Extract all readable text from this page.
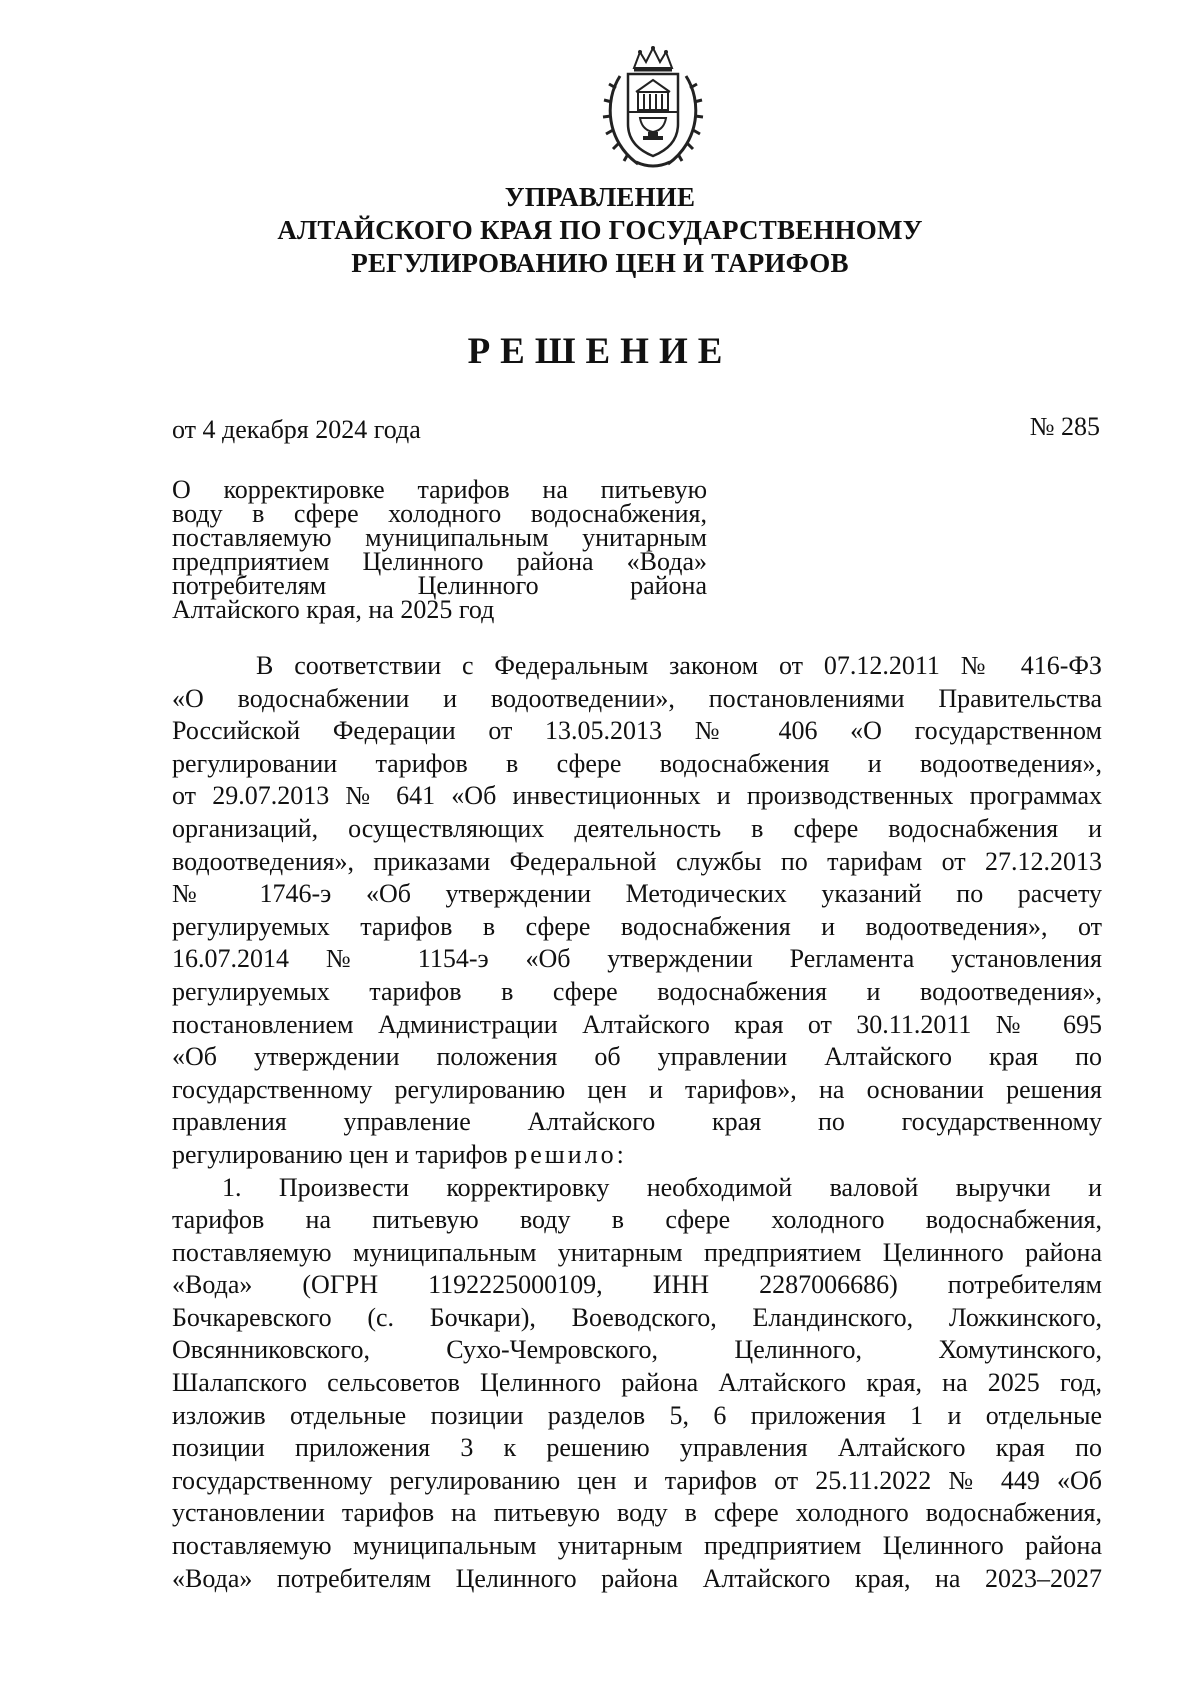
УПРАВЛЕНИЕ
АЛТАЙСКОГО КРАЯ ПО ГОСУДАРСТВЕННОМУ
РЕГУЛИРОВАНИЮ ЦЕН И ТАРИФОВ
РЕШЕНИЕ
от 4 декабря 2024 года	№ 285
О корректировке тарифов на питьевую
воду в сфере холодного водоснабжения,
поставляемую муниципальным унитарным
предприятием Целинного района «Вода»
потребителям Целинного района
Алтайского края, на 2025 год
В соответствии с Федеральным законом от 07.12.2011 № 416-ФЗ
«О водоснабжении и водоотведении», постановлениями Правительства
Российской Федерации от 13.05.2013 № 406 «О государственном
регулировании тарифов в сфере водоснабжения и водоотведения»,
от 29.07.2013 № 641 «Об инвестиционных и производственных программах
организаций, осуществляющих деятельность в сфере водоснабжения и
водоотведения», приказами Федеральной службы по тарифам от 27.12.2013
№ 1746-э «Об утверждении Методических указаний по расчету
регулируемых тарифов в сфере водоснабжения и водоотведения», от
16.07.2014 № 1154-э «Об утверждении Регламента установления
регулируемых тарифов в сфере водоснабжения и водоотведения»,
постановлением Администрации Алтайского края от 30.11.2011 № 695
«Об утверждении положения об управлении Алтайского края по
государственному регулированию цен и тарифов», на основании решения
правления управление Алтайского края по государственному
регулированию цен и тарифов решило:
1. Произвести корректировку необходимой валовой выручки и
тарифов на питьевую воду в сфере холодного водоснабжения,
поставляемую муниципальным унитарным предприятием Целинного района
«Вода» (ОГРН 1192225000109, ИНН 2287006686) потребителям
Бочкаревского (с. Бочкари), Воеводского, Еландинского, Ложкинского,
Овсянниковского, Сухо-Чемровского, Целинного, Хомутинского,
Шалапского сельсоветов Целинного района Алтайского края, на 2025 год,
изложив отдельные позиции разделов 5, 6 приложения 1 и отдельные
позиции приложения 3 к решению управления Алтайского края по
государственному регулированию цен и тарифов от 25.11.2022 № 449 «Об
установлении тарифов на питьевую воду в сфере холодного водоснабжения,
поставляемую муниципальным унитарным предприятием Целинного района
«Вода» потребителям Целинного района Алтайского края, на 2023–2027
